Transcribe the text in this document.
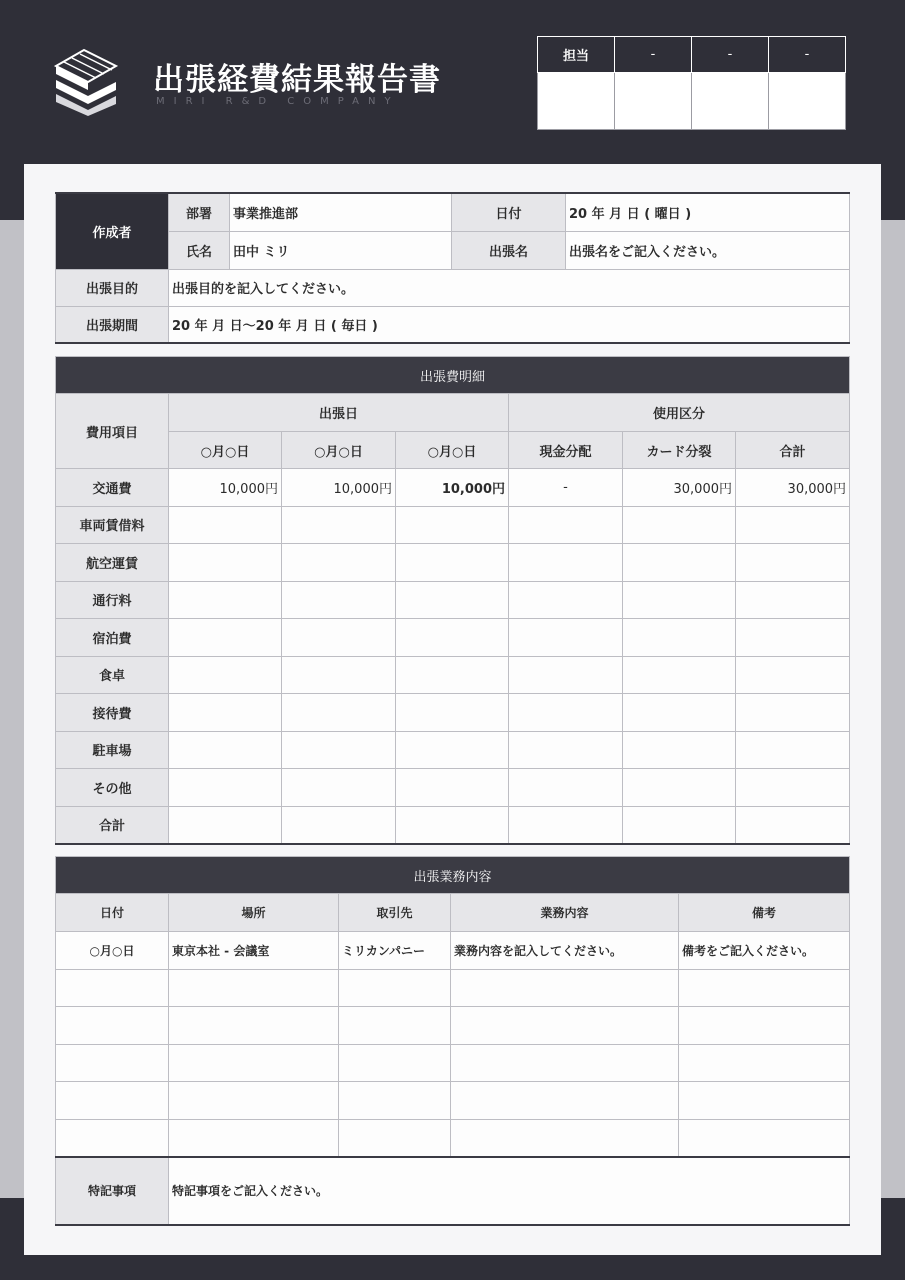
出張経費結果報告書
MIRI R&D COMPANY
担当	-	-	-

作成者	部署	事業推進部	日付	20 年 月 日 ( 曜日 )
	氏名	田中 ミリ	出張名	出張名をご記入ください。
出張目的	出張目的を記入してください。			
出張期間	20 年 月 日〜20 年 月 日 ( 毎日 )			
出張費明細						
費用項目	出張日			使用区分		
	○月○日	○月○日	○月○日	現金分配	カード分裂	合計
交通費	10,000円	10,000円	10,000円	-	30,000円	30,000円
車両賃借料						
航空運賃						
通行料						
宿泊費						
食卓						
接待費						
駐車場						
その他						
合計						
出張業務内容				
日付	場所	取引先	業務内容	備考
○月○日	東京本社 - 会議室	ミリカンパニー	業務内容を記入してください。	備考をご記入ください。

特記事項	特記事項をご記入ください。			
